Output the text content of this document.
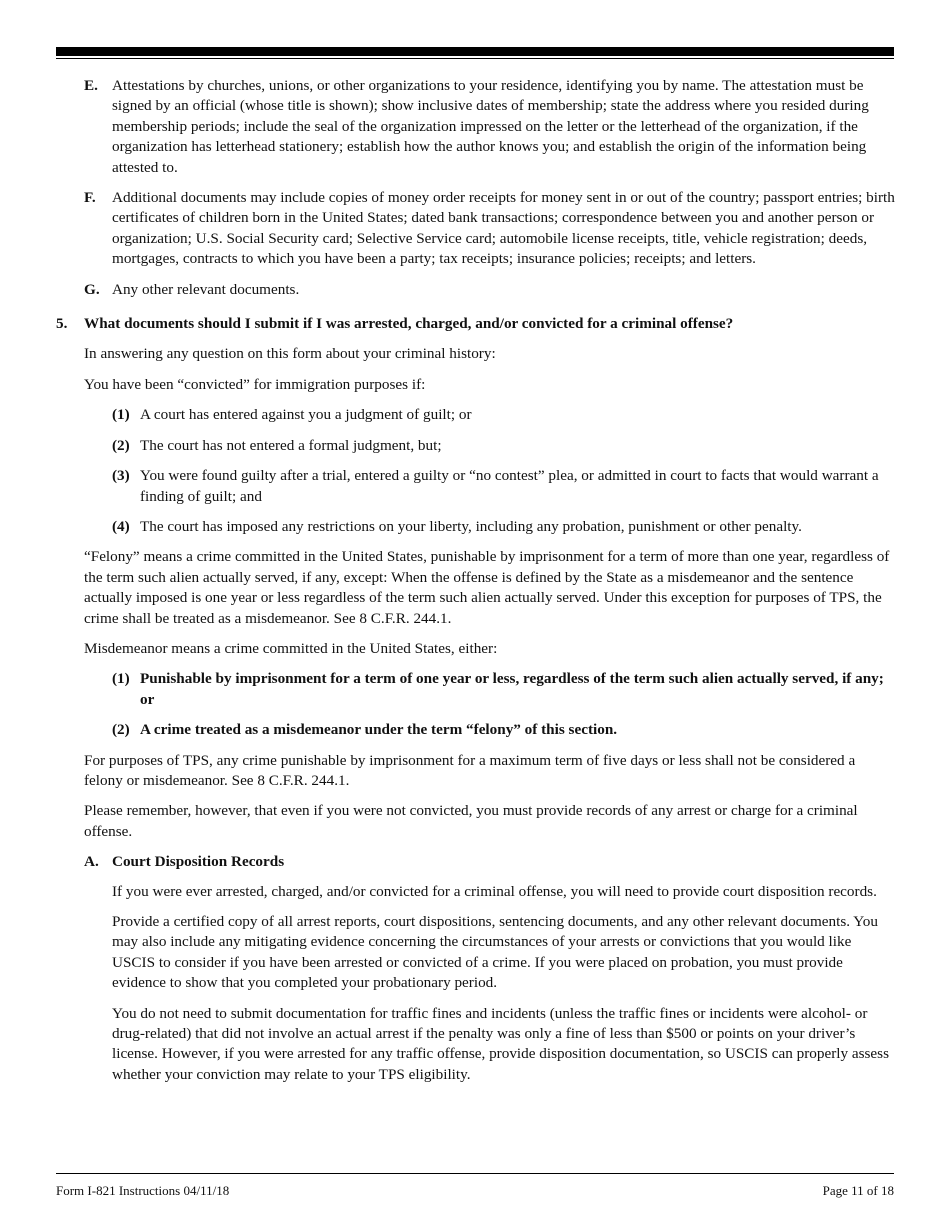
E. Attestations by churches, unions, or other organizations to your residence, identifying you by name. The attestation must be signed by an official (whose title is shown); show inclusive dates of membership; state the address where you resided during membership periods; include the seal of the organization impressed on the letter or the letterhead of the organization, if the organization has letterhead stationery; establish how the author knows you; and establish the origin of the information being attested to.

F.	Additional documents may include copies of money order receipts for money sent in or out of the country; passport entries; birth certificates of children born in the United States; dated bank transactions; correspondence between you and another person or organization; U.S. Social Security card; Selective Service card; automobile license receipts, title, vehicle registration; deeds, mortgages, contracts to which you have been a party; tax receipts; insurance policies; receipts; and letters.

G. Any other relevant documents.

5.	What documents should I submit if I was arrested, charged, and/or convicted for a criminal offense?

In answering any question on this form about your criminal history:

You have been “convicted” for immigration purposes if:

(1) A court has entered against you a judgment of guilt; or

(2) The court has not entered a formal judgment, but;

(3) You were found guilty after a trial, entered a guilty or “no contest” plea, or admitted in court to facts that would warrant a finding of guilt; and

(4) The court has imposed any restrictions on your liberty, including any probation, punishment or other penalty.

“Felony” means a crime committed in the United States, punishable by imprisonment for a term of more than one year, regardless of the term such alien actually served, if any, except: When the offense is defined by the State as a misdemeanor and the sentence actually imposed is one year or less regardless of the term such alien actually served. Under this exception for purposes of TPS, the crime shall be treated as a misdemeanor. See 8 C.F.R. 244.1.

Misdemeanor means a crime committed in the United States, either:

(1) Punishable by imprisonment for a term of one year or less, regardless of the term such alien actually served, if any; or

(2) A crime treated as a misdemeanor under the term “felony” of this section.

For purposes of TPS, any crime punishable by imprisonment for a maximum term of five days or less shall not be considered a felony or misdemeanor. See 8 C.F.R. 244.1.

Please remember, however, that even if you were not convicted, you must provide records of any arrest or charge for a criminal offense.

A. Court Disposition Records

If you were ever arrested, charged, and/or convicted for a criminal offense, you will need to provide court disposition records.

Provide a certified copy of all arrest reports, court dispositions, sentencing documents, and any other relevant documents. You may also include any mitigating evidence concerning the circumstances of your arrests or convictions that you would like USCIS to consider if you have been arrested or convicted of a crime. If you were placed on probation, you must provide evidence to show that you completed your probationary period.

You do not need to submit documentation for traffic fines and incidents (unless the traffic fines or incidents were alcohol- or drug-related) that did not involve an actual arrest if the penalty was only a fine of less than $500 or points on your driver’s license. However, if you were arrested for any traffic offense, provide disposition documentation, so USCIS can properly assess whether your conviction may relate to your TPS eligibility.

Form I-821 Instructions 04/11/18	Page 11 of 18
